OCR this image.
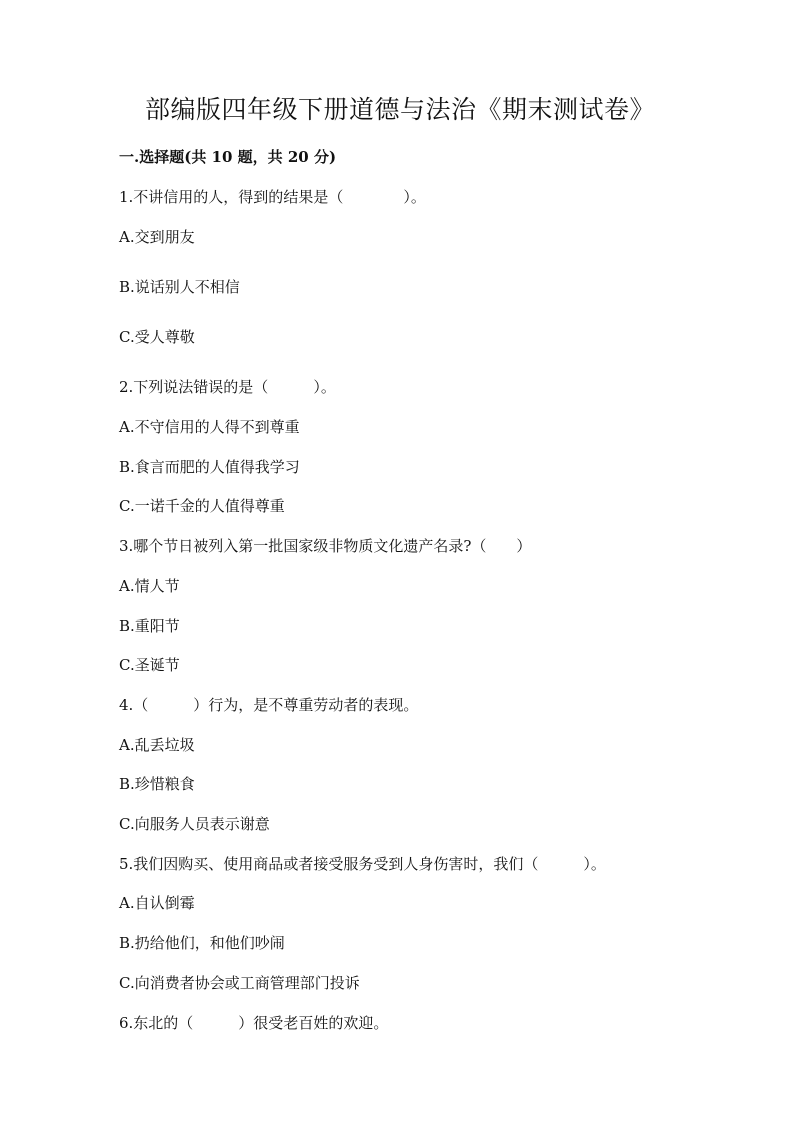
部编版四年级下册道德与法治《期末测试卷》
一.选择题(共 10 题，共 20 分)
1.不讲信用的人，得到的结果是（　　　　）。
A.交到朋友
B.说话别人不相信
C.受人尊敬
2.下列说法错误的是（　　　）。
A.不守信用的人得不到尊重
B.食言而肥的人值得我学习
C.一诺千金的人值得尊重
3.哪个节日被列入第一批国家级非物质文化遗产名录?（　　）
A.情人节
B.重阳节
C.圣诞节
4.（　　　）行为，是不尊重劳动者的表现。
A.乱丢垃圾
B.珍惜粮食
C.向服务人员表示谢意
5.我们因购买、使用商品或者接受服务受到人身伤害时，我们（　　　）。
A.自认倒霉
B.扔给他们，和他们吵闹
C.向消费者协会或工商管理部门投诉
6.东北的（　　　）很受老百姓的欢迎。
